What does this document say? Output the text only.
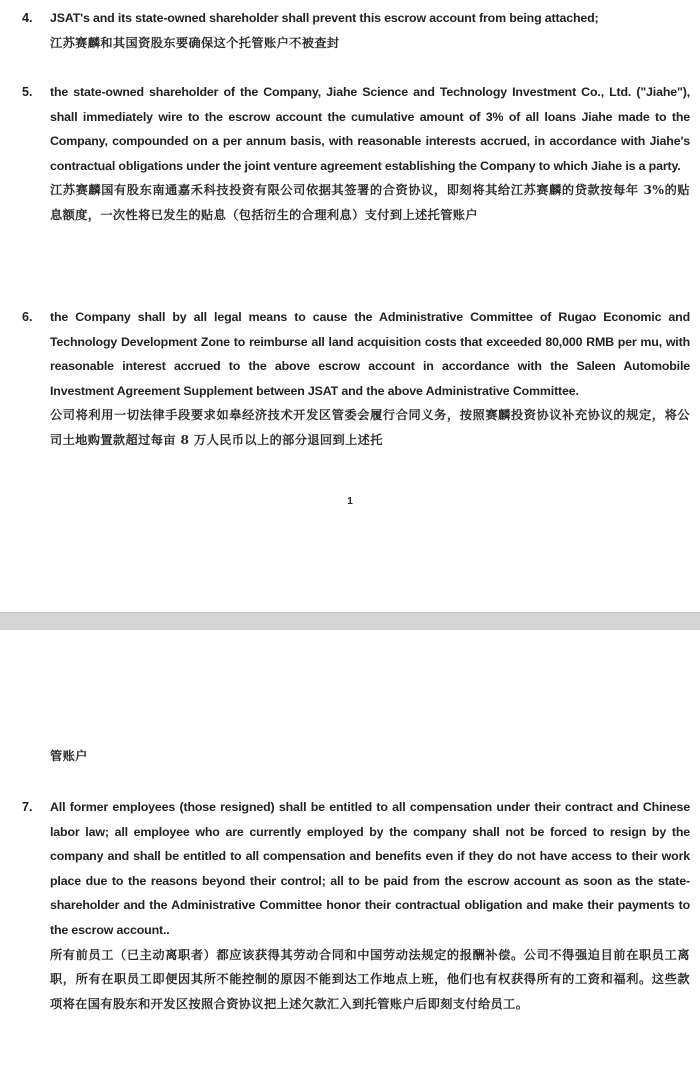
4.	JSAT's and its state-owned shareholder shall prevent this escrow account from being attached;
江苏赛麟和其国资股东要确保这个托管账户不被查封
5.	the state-owned shareholder of the Company, Jiahe Science and Technology Investment Co., Ltd. ("Jiahe"), shall immediately wire to the escrow account the cumulative amount of 3% of all loans Jiahe made to the Company, compounded on a per annum basis, with reasonable interests accrued, in accordance with Jiahe's contractual obligations under the joint venture agreement establishing the Company to which Jiahe is a party.
江苏赛麟国有股东南通嘉禾科技投资有限公司依据其签署的合资协议，即刻将其给江苏赛麟的贷款按每年 3%的贴息额度，一次性将已发生的贴息（包括衍生的合理利息）支付到上述托管账户
6.	the Company shall by all legal means to cause the Administrative Committee of Rugao Economic and Technology Development Zone to reimburse all land acquisition costs that exceeded 80,000 RMB per mu, with reasonable interest accrued to the above escrow account in accordance with the Saleen Automobile Investment Agreement Supplement between JSAT and the above Administrative Committee.
公司将利用一切法律手段要求如皋经济技术开发区管委会履行合同义务，按照赛麟投资协议补充协议的规定，将公司土地购置款超过每亩 8 万人民币以上的部分退回到上述托
1
管账户
7.	All former employees (those resigned) shall be entitled to all compensation under their contract and Chinese labor law; all employee who are currently employed by the company shall not be forced to resign by the company and shall be entitled to all compensation and benefits even if they do not have access to their work place due to the reasons beyond their control; all to be paid from the escrow account as soon as the state-shareholder and the Administrative Committee honor their contractual obligation and make their payments to the escrow account..
所有前员工（已主动离职者）都应该获得其劳动合同和中国劳动法规定的报酬补偿。公司不得强迫目前在职员工离职，所有在职员工即便因其所不能控制的原因不能到达工作地点上班，他们也有权获得所有的工资和福利。这些款项将在国有股东和开发区按照合资协议把上述欠款汇入到托管账户后即刻支付给员工。
